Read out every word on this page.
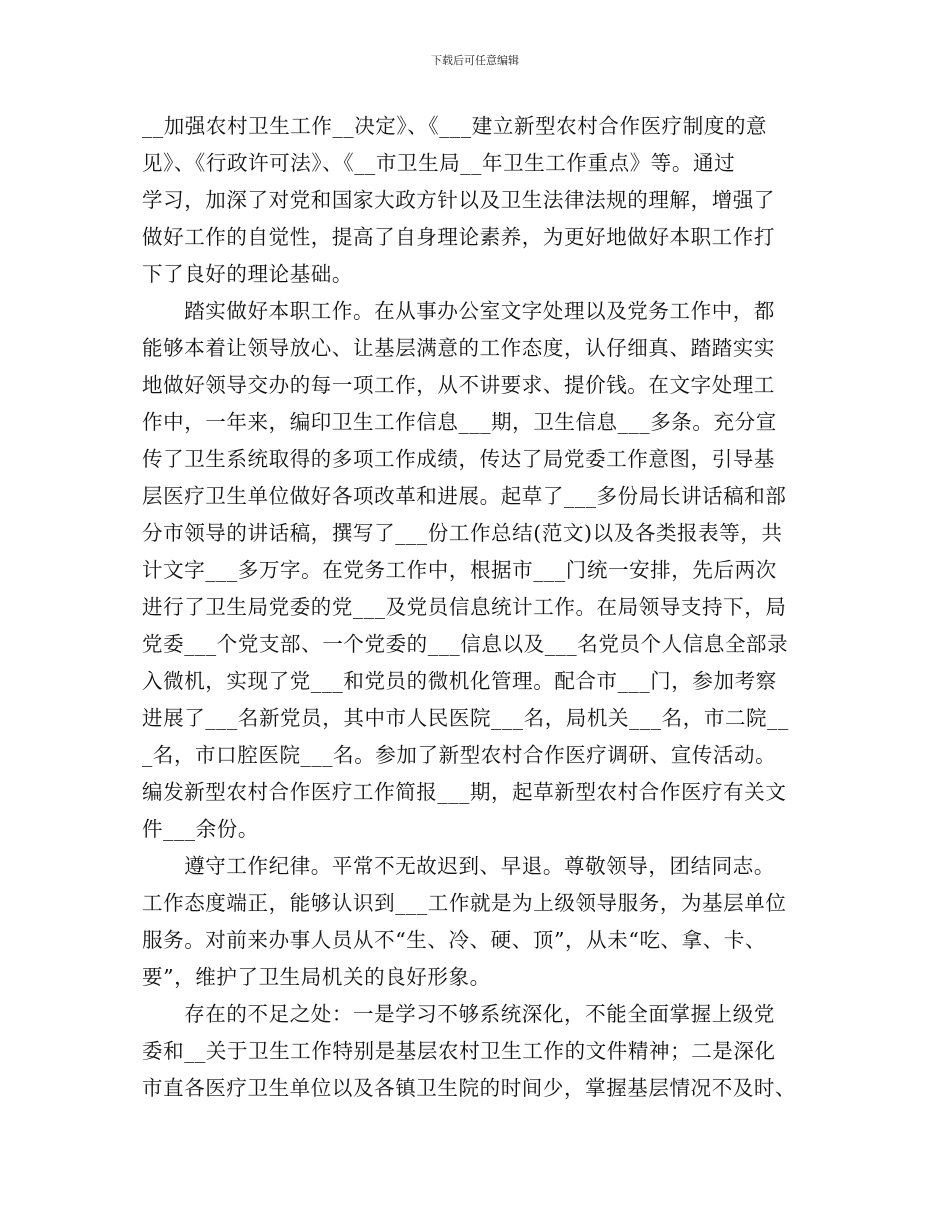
下载后可任意编辑
__加强农村卫生工作__决定》、《___建立新型农村合作医疗制度的意
见》、《行政许可法》、《__市卫生局__年卫生工作重点》等。通过
学习，加深了对党和国家大政方针以及卫生法律法规的理解，增强了
做好工作的自觉性，提高了自身理论素养，为更好地做好本职工作打
下了良好的理论基础。
　　踏实做好本职工作。在从事办公室文字处理以及党务工作中，都
能够本着让领导放心、让基层满意的工作态度，认仔细真、踏踏实实
地做好领导交办的每一项工作，从不讲要求、提价钱。在文字处理工
作中，一年来，编印卫生工作信息___期，卫生信息___多条。充分宣
传了卫生系统取得的多项工作成绩，传达了局党委工作意图，引导基
层医疗卫生单位做好各项改革和进展。起草了___多份局长讲话稿和部
分市领导的讲话稿，撰写了___份工作总结(范文)以及各类报表等，共
计文字___多万字。在党务工作中，根据市___门统一安排，先后两次
进行了卫生局党委的党___及党员信息统计工作。在局领导支持下，局
党委___个党支部、一个党委的___信息以及___名党员个人信息全部录
入微机，实现了党___和党员的微机化管理。配合市___门，参加考察
进展了___名新党员，其中市人民医院___名，局机关___名，市二院__
_名，市口腔医院___名。参加了新型农村合作医疗调研、宣传活动。
编发新型农村合作医疗工作简报___期，起草新型农村合作医疗有关文
件___余份。
　　遵守工作纪律。平常不无故迟到、早退。尊敬领导，团结同志。
工作态度端正，能够认识到___工作就是为上级领导服务，为基层单位
服务。对前来办事人员从不“生、冷、硬、顶”，从未“吃、拿、卡、
要”，维护了卫生局机关的良好形象。
　　存在的不足之处：一是学习不够系统深化，不能全面掌握上级党
委和__关于卫生工作特别是基层农村卫生工作的文件精神；二是深化
市直各医疗卫生单位以及各镇卫生院的时间少，掌握基层情况不及时、
